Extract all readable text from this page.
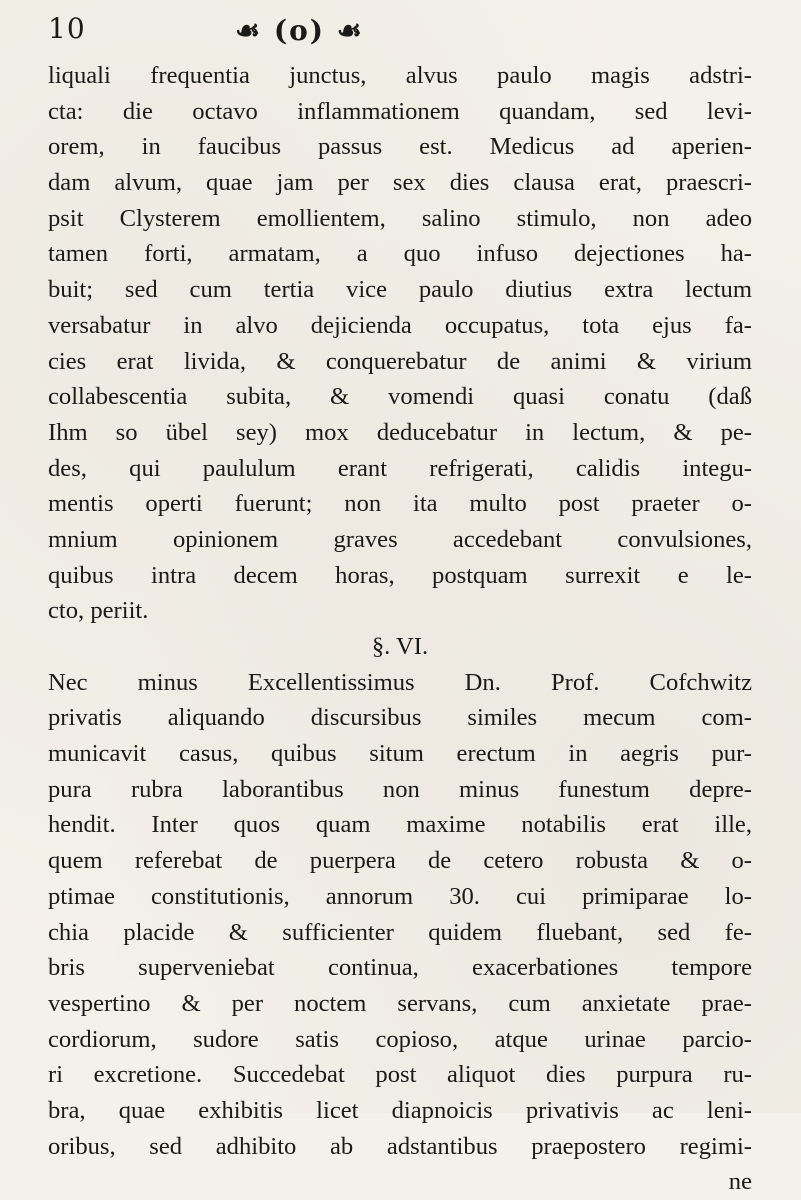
10	☙ (o) ☙
liquali frequentia junctus, alvus paulo magis adstri-
cta: die octavo inflammationem quandam, sed levi-
orem, in faucibus passus est. Medicus ad aperien-
dam alvum, quae jam per sex dies clausa erat, praescri-
psit Clysterem emollientem, salino stimulo, non adeo
tamen forti, armatam, a quo infuso dejectiones ha-
buit; sed cum tertia vice paulo diutius extra lectum
versabatur in alvo dejicienda occupatus, tota ejus fa-
cies erat livida, & conquerebatur de animi & virium
collabescentia subita, & vomendi quasi conatu (daß
Ihm so übel sey) mox deducebatur in lectum, & pe-
des, qui paululum erant refrigerati, calidis integu-
mentis operti fuerunt; non ita multo post praeter o-
mnium opinionem graves accedebant convulsiones,
quibus intra decem horas, postquam surrexit e le-
cto, periit.
§. VI.
Nec minus Excellentissimus Dn. Prof. Cofchwitz
privatis aliquando discursibus similes mecum com-
municavit casus, quibus situm erectum in aegris pur-
pura rubra laborantibus non minus funestum depre-
hendit. Inter quos quam maxime notabilis erat ille,
quem referebat de puerpera de cetero robusta & o-
ptimae constitutionis, annorum 30. cui primiparae lo-
chia placide & sufficienter quidem fluebant, sed fe-
bris superveniebat continua, exacerbationes tempore
vespertino & per noctem servans, cum anxietate prae-
cordiorum, sudore satis copioso, atque urinae parcio-
ri excretione. Succedebat post aliquot dies purpura ru-
bra, quae exhibitis licet diapnoicis privativis ac leni-
oribus, sed adhibito ab adstantibus praepostero regimi-
ne
